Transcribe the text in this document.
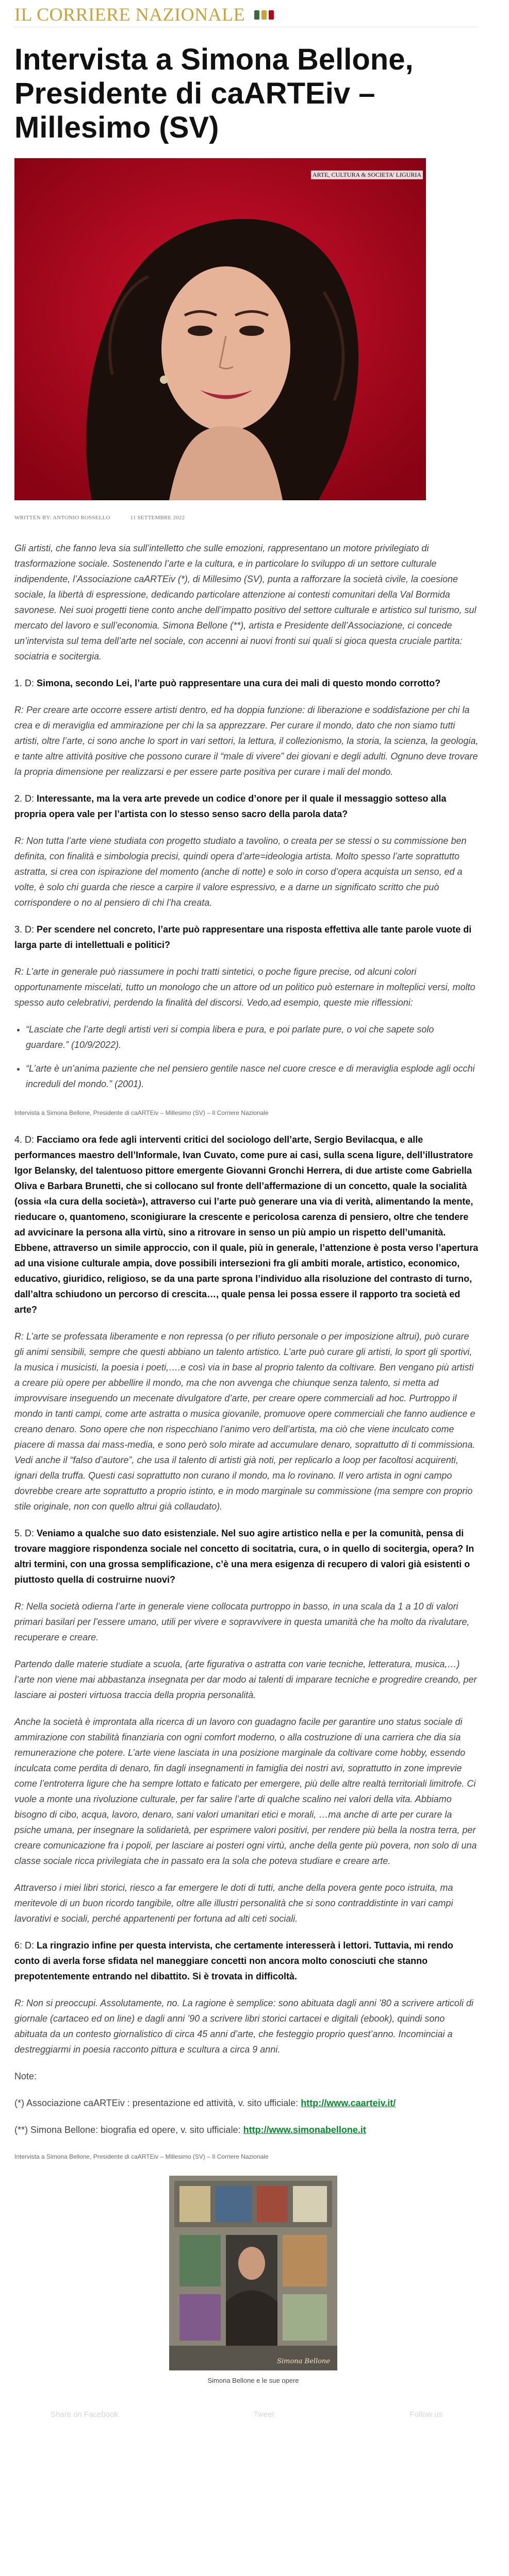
IL CORRIERE NAZIONALE
Intervista a Simona Bellone, Presidente di caARTEiv – Millesimo (SV)
ARTE, CULTURA & SOCIETA' LIGURIA
WRITTEN BY: ANTONIO ROSSELLO	11 SETTEMBRE 2022

Gli artisti, che fanno leva sia sull’intelletto che sulle emozioni, rappresentano un motore privilegiato di trasformazione sociale. Sostenendo l’arte e la cultura, e in particolare lo sviluppo di un settore culturale indipendente, l’Associazione caARTEiv (*), di Millesimo (SV), punta a rafforzare la società civile, la coesione sociale, la libertà di espressione, dedicando particolare attenzione ai contesti comunitari della Val Bormida savonese. Nei suoi progetti tiene conto anche dell’impatto positivo del settore culturale e artistico sul turismo, sul mercato del lavoro e sull’economia. Simona Bellone (**), artista e Presidente dell’Associazione, ci concede un’intervista sul tema dell’arte nel sociale, con accenni ai nuovi fronti sui quali si gioca questa cruciale partita: sociatria e socitergia.

1. D: Simona, secondo Lei, l’arte può rappresentare una cura dei mali di questo mondo corrotto?

R: Per creare arte occorre essere artisti dentro, ed ha doppia funzione: di liberazione e soddisfazione per chi la crea e di meraviglia ed ammirazione per chi la sa apprezzare. Per curare il mondo, dato che non siamo tutti artisti, oltre l’arte, ci sono anche lo sport in vari settori, la lettura, il collezionismo, la storia, la scienza, la geologia, e tante altre attività positive che possono curare il “male di vivere” dei giovani e degli adulti. Ognuno deve trovare la propria dimensione per realizzarsi e per essere parte positiva per curare i mali del mondo.

2. D: Interessante, ma la vera arte prevede un codice d’onore per il quale il messaggio sotteso alla propria opera vale per l’artista con lo stesso senso sacro della parola data?

R: Non tutta l’arte viene studiata con progetto studiato a tavolino, o creata per se stessi o su commissione ben definita, con finalità e simbologia precisi, quindi opera d’arte=ideologia artista. Molto spesso l’arte soprattutto astratta, si crea con ispirazione del momento (anche di notte) e solo in corso d’opera acquista un senso, ed a volte, è solo chi guarda che riesce a carpire il valore espressivo, e a darne un significato scritto che può corrispondere o no al pensiero di chi l’ha creata.

3. D: Per scendere nel concreto, l’arte può rappresentare una risposta effettiva alle tante parole vuote di larga parte di intellettuali e politici?

R: L’arte in generale può riassumere in pochi tratti sintetici, o poche figure precise, od alcuni colori opportunamente miscelati, tutto un monologo che un attore od un politico può esternare in molteplici versi, molto spesso auto celebrativi, perdendo la finalità del discorsi. Vedo,ad esempio, queste mie riflessioni:

• “Lasciate che l’arte degli artisti veri si compia libera e pura, e poi parlate pure, o voi che sapete solo guardare.” (10/9/2022).
• “L’arte è un’anima paziente che nel pensiero gentile nasce nel cuore cresce e di meraviglia esplode agli occhi increduli del mondo.” (2001).

Intervista a Simona Bellone, Presidente di caARTEiv – Millesimo (SV) – Il Corriere Nazionale

4. D: Facciamo ora fede agli interventi critici del sociologo dell’arte, Sergio Bevilacqua, e alle performances maestro dell’Informale, Ivan Cuvato, come pure ai casi, sulla scena ligure, dell’illustratore Igor Belansky, del talentuoso pittore emergente Giovanni Gronchi Herrera, di due artiste come Gabriella Oliva e Barbara Brunetti, che si collocano sul fronte dell’affermazione di un concetto, quale la socialità (ossia «la cura della società»), attraverso cui l’arte può generare una via di verità, alimentando la mente, rieducare o, quantomeno, sconigiurare la crescente e pericolosa carenza di pensiero, oltre che tendere ad avvicinare la persona alla virtù, sino a ritrovare in senso un più ampio un rispetto dell’umanità. Ebbene, attraverso un simile approccio, con il quale, più in generale, l’attenzione è posta verso l’apertura ad una visione culturale ampia, dove possibili intersezioni fra gli ambiti morale, artistico, economico, educativo, giuridico, religioso, se da una parte sprona l’individuo alla risoluzione del contrasto di turno, dall’altra schiudono un percorso di crescita…, quale pensa lei possa essere il rapporto tra società ed arte?

R: L’arte se professata liberamente e non repressa (o per rifiuto personale o per imposizione altrui), può curare gli animi sensibili, sempre che questi abbiano un talento artistico. L’arte può curare gli artisti, lo sport gli sportivi, la musica i musicisti, la poesia i poeti,….e così via in base al proprio talento da coltivare. Ben vengano più artisti a creare più opere per abbellire il mondo, ma che non avvenga che chiunque senza talento, si metta ad improvvisare inseguendo un mecenate divulgatore d’arte, per creare opere commerciali ad hoc. Purtroppo il mondo in tanti campi, come arte astratta o musica giovanile, promuove opere commerciali che fanno audience e creano denaro. Sono opere che non rispecchiano l’animo vero dell’artista, ma ciò che viene inculcato come piacere di massa dai mass-media, e sono però solo mirate ad accumulare denaro, soprattutto di ti commissiona. Vedi anche il “falso d’autore”, che usa il talento di artisti già noti, per replicarlo a loop per facoltosi acquirenti, ignari della truffa. Questi casi soprattutto non curano il mondo, ma lo rovinano. Il vero artista in ogni campo dovrebbe creare arte soprattutto a proprio istinto, e in modo marginale su commissione (ma sempre con proprio stile originale, non con quello altrui già collaudato).

5. D: Veniamo a qualche suo dato esistenziale. Nel suo agire artistico nella e per la comunità, pensa di trovare maggiore rispondenza sociale nel concetto di socitatria, cura, o in quello di socitergia, opera? In altri termini, con una grossa semplificazione, c’è una mera esigenza di recupero di valori già esistenti o piuttosto quella di costruirne nuovi?

R: Nella società odierna l’arte in generale viene collocata purtroppo in basso, in una scala da 1 a 10 di valori primari basilari per l’essere umano, utili per vivere e sopravvivere in questa umanità che ha molto da rivalutare, recuperare e creare.

Partendo dalle materie studiate a scuola, (arte figurativa o astratta con varie tecniche, letteratura, musica,…) l’arte non viene mai abbastanza insegnata per dar modo ai talenti di imparare tecniche e progredire creando, per lasciare ai posteri virtuosa traccia della propria personalità.

Anche la società è improntata alla ricerca di un lavoro con guadagno facile per garantire uno status sociale di ammirazione con stabilità finanziaria con ogni comfort moderno, o alla costruzione di una carriera che dia sia remunerazione che potere. L’arte viene lasciata in una posizione marginale da coltivare come hobby, essendo inculcata come perdita di denaro, fin dagli insegnamenti in famiglia dei nostri avi, soprattutto in zone imprevie come l’entroterra ligure che ha sempre lottato e faticato per emergere, più delle altre realtà territoriali limitrofe. Ci vuole a monte una rivoluzione culturale, per far salire l’arte di qualche scalino nei valori della vita. Abbiamo bisogno di cibo, acqua, lavoro, denaro, sani valori umanitari etici e morali, …ma anche di arte per curare la psiche umana, per insegnare la solidarietà, per esprimere valori positivi, per rendere più bella la nostra terra, per creare comunicazione fra i popoli, per lasciare ai posteri ogni virtù, anche della gente più povera, non solo di una classe sociale ricca privilegiata che in passato era la sola che poteva studiare e creare arte.

Attraverso i miei libri storici, riesco a far emergere le doti di tutti, anche della povera gente poco istruita, ma meritevole di un buon ricordo tangibile, oltre alle illustri personalità che si sono contraddistinte in vari campi lavorativi e sociali, perché appartenenti per fortuna ad alti ceti sociali.

6: D: La ringrazio infine per questa intervista, che certamente interesserà i lettori. Tuttavia, mi rendo conto di averla forse sfidata nel maneggiare concetti non ancora molto conosciuti che stanno prepotentemente entrando nel dibattito. Si è trovata in difficoltà.

R: Non si preoccupi. Assolutamente, no. La ragione è semplice: sono abituata dagli anni ’80 a scrivere articoli di giornale (cartaceo ed on line) e dagli anni ’90 a scrivere libri storici cartacei e digitali (ebook), quindi sono abituata da un contesto giornalistico di circa 45 anni d’arte, che festeggio proprio quest’anno. Incominciai a destreggiarmi in poesia racconto pittura e scultura a circa 9 anni.

Note:

(*) Associazione caARTEiv : presentazione ed attività, v. sito ufficiale: http://www.caarteiv.it/

(**) Simona Bellone: biografia ed opere, v. sito ufficiale: http://www.simonabellone.it

Intervista a Simona Bellone, Presidente di caARTEiv – Millesimo (SV) – Il Corriere Nazionale

Simona Bellone
Simona Bellone e le sue opere
Share on Facebook	Tweet	Follow us
